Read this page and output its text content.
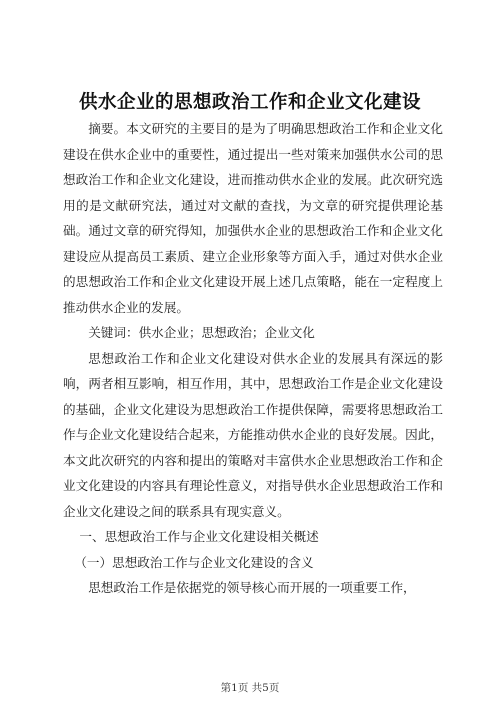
供水企业的思想政治工作和企业文化建设

摘要。本文研究的主要目的是为了明确思想政治工作和企业文化建设在供水企业中的重要性，通过提出一些对策来加强供水公司的思想政治工作和企业文化建设，进而推动供水企业的发展。此次研究选用的是文献研究法，通过对文献的查找，为文章的研究提供理论基础。通过文章的研究得知，加强供水企业的思想政治工作和企业文化建设应从提高员工素质、建立企业形象等方面入手，通过对供水企业的思想政治工作和企业文化建设开展上述几点策略，能在一定程度上推动供水企业的发展。

关键词：供水企业；思想政治；企业文化

思想政治工作和企业文化建设对供水企业的发展具有深远的影响，两者相互影响，相互作用，其中，思想政治工作是企业文化建设的基础，企业文化建设为思想政治工作提供保障，需要将思想政治工作与企业文化建设结合起来，方能推动供水企业的良好发展。因此，本文此次研究的内容和提出的策略对丰富供水企业思想政治工作和企业文化建设的内容具有理论性意义，对指导供水企业思想政治工作和企业文化建设之间的联系具有现实意义。

一、思想政治工作与企业文化建设相关概述

（一）思想政治工作与企业文化建设的含义

思想政治工作是依据党的领导核心而开展的一项重要工作，

第1页 共5页
